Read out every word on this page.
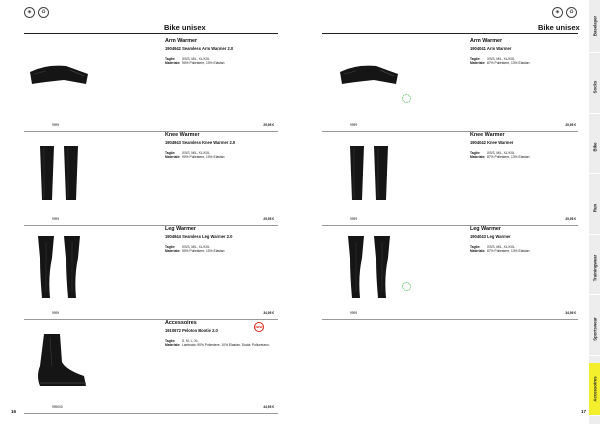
◈	♻
Bike unisex
Arm Warmer
1904942 Seamless Arm Warmer 2.0
Taglie:	XS/S, M/L, XL/XXL
Materiale: 90% Poliestere, 10% Elastan
9999	29,95 €
Knee Warmer
1904943 Seamless Knee Warmer 2.0
Taglie:	XS/S, M/L, XL/XXL
Materiale: 90% Poliestere, 10% Elastan
9999	29,95 €
Leg Warmer
1904944 Seamless Leg Warmer 2.0
Taglie:	XS/S, M/L, XL/XXL
Materiale: 90% Poliestere, 10% Elastan
9999	34,95 €
Accessoires
1910672 Peloton Bootie 2.0
Taglie:	S, M, L, XL
Materiale: Laminato: 90% Poliestere, 10% Elastan. Suola: Poliuretano.
999000	44,95 €
NEW
16
◈	♻
Bike unisex
Arm Warmer
1904041 Arm Warmer
Taglie:	XS/S, M/L, XL/XXL
Materiale: 87% Poliestere, 13% Elastan
9999	29,95 €
Knee Warmer
1904042 Knee Warmer
Taglie:	XS/S, M/L, XL/XXL
Materiale: 87% Poliestere, 13% Elastan
9999	29,95 €
Leg Warmer
1904043 Leg Warmer
Taglie:	XS/S, M/L, XL/XXL
Materiale: 87% Poliestere, 13% Elastan
9999	34,95 €
17
Baselayer
Socks
Bike
Run
Trainingwear
Sportswear
Accessoires
